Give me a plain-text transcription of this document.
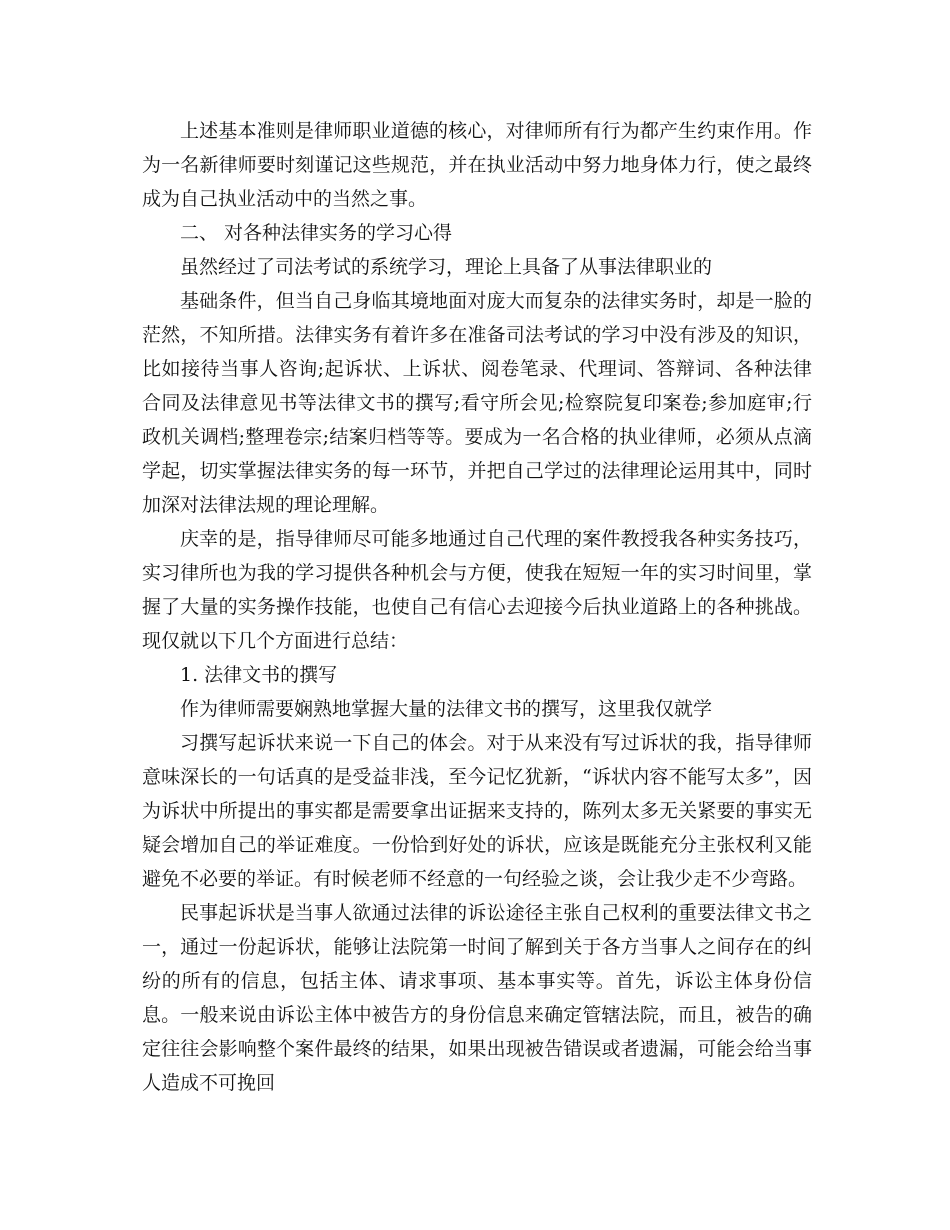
上述基本准则是律师职业道德的核心，对律师所有行为都产生约束作用。作为一名新律师要时刻谨记这些规范，并在执业活动中努力地身体力行，使之最终成为自己执业活动中的当然之事。

二、 对各种法律实务的学习心得

虽然经过了司法考试的系统学习，理论上具备了从事法律职业的

基础条件，但当自己身临其境地面对庞大而复杂的法律实务时，却是一脸的茫然，不知所措。法律实务有着许多在准备司法考试的学习中没有涉及的知识，比如接待当事人咨询;起诉状、上诉状、阅卷笔录、代理词、答辩词、各种法律合同及法律意见书等法律文书的撰写;看守所会见;检察院复印案卷;参加庭审;行政机关调档;整理卷宗;结案归档等等。要成为一名合格的执业律师，必须从点滴学起，切实掌握法律实务的每一环节，并把自己学过的法律理论运用其中，同时加深对法律法规的理论理解。

庆幸的是，指导律师尽可能多地通过自己代理的案件教授我各种实务技巧，实习律所也为我的学习提供各种机会与方便，使我在短短一年的实习时间里，掌握了大量的实务操作技能，也使自己有信心去迎接今后执业道路上的各种挑战。现仅就以下几个方面进行总结：

1. 法律文书的撰写

作为律师需要娴熟地掌握大量的法律文书的撰写，这里我仅就学

习撰写起诉状来说一下自己的体会。对于从来没有写过诉状的我，指导律师意味深长的一句话真的是受益非浅，至今记忆犹新，“诉状内容不能写太多”，因为诉状中所提出的事实都是需要拿出证据来支持的，陈列太多无关紧要的事实无疑会增加自己的举证难度。一份恰到好处的诉状，应该是既能充分主张权利又能避免不必要的举证。有时候老师不经意的一句经验之谈，会让我少走不少弯路。

民事起诉状是当事人欲通过法律的诉讼途径主张自己权利的重要法律文书之一，通过一份起诉状，能够让法院第一时间了解到关于各方当事人之间存在的纠纷的所有的信息，包括主体、请求事项、基本事实等。首先，诉讼主体身份信息。一般来说由诉讼主体中被告方的身份信息来确定管辖法院，而且，被告的确定往往会影响整个案件最终的结果，如果出现被告错误或者遗漏，可能会给当事人造成不可挽回
